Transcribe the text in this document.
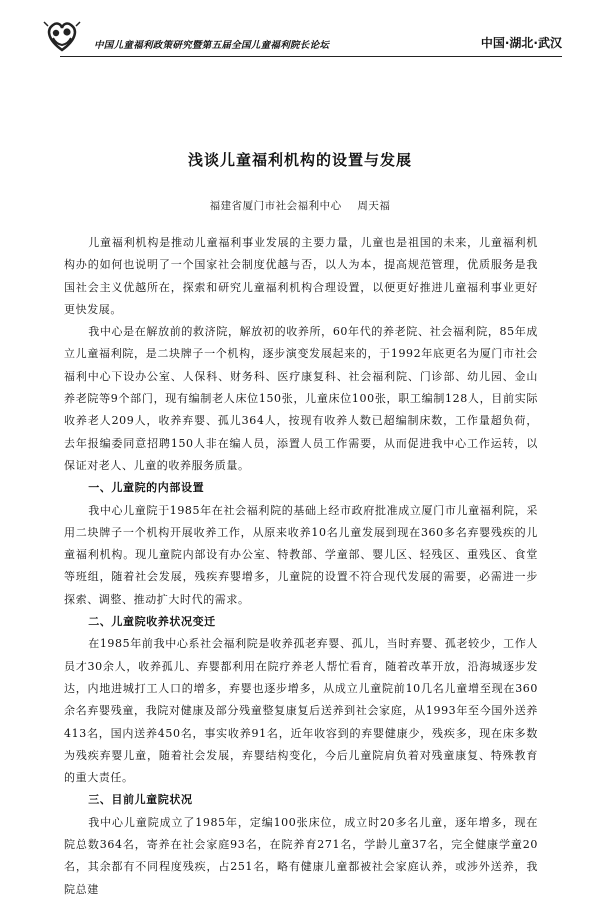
中国儿童福利政策研究暨第五届全国儿童福利院长论坛	中国·湖北·武汉
浅谈儿童福利机构的设置与发展
福建省厦门市社会福利中心 周天福

儿童福利机构是推动儿童福利事业发展的主要力量，儿童也是祖国的未来，儿童福利机构办的如何也说明了一个国家社会制度优越与否，以人为本，提高规范管理，优质服务是我国社会主义优越所在，探索和研究儿童福利机构合理设置，以便更好推进儿童福利事业更好更快发展。

我中心是在解放前的救济院，解放初的收养所，60年代的养老院、社会福利院，85年成立儿童福利院，是二块牌子一个机构，逐步演变发展起来的，于1992年底更名为厦门市社会福利中心下设办公室、人保科、财务科、医疗康复科、社会福利院、门诊部、幼儿园、金山养老院等9个部门，现有编制老人床位150张，儿童床位100张，职工编制128人，目前实际收养老人209人，收养弃婴、孤儿364人，按现有收养人数已超编制床数，工作量超负荷，去年报编委同意招聘150人非在编人员，添置人员工作需要，从而促进我中心工作运转，以保证对老人、儿童的收养服务质量。

一、儿童院的内部设置

我中心儿童院于1985年在社会福利院的基础上经市政府批准成立厦门市儿童福利院，采用二块牌子一个机构开展收养工作，从原来收养10名儿童发展到现在360多名弃婴残疾的儿童福利机构。现儿童院内部设有办公室、特教部、学童部、婴儿区、轻残区、重残区、食堂等班组，随着社会发展，残疾弃婴增多，儿童院的设置不符合现代发展的需要，必需进一步探索、调整、推动扩大时代的需求。

二、儿童院收养状况变迁

在1985年前我中心系社会福利院是收养孤老弃婴、孤儿，当时弃婴、孤老较少，工作人员才30余人，收养孤儿、弃婴都利用在院疗养老人帮忙看育，随着改革开放，沿海城逐步发达，内地进城打工人口的增多，弃婴也逐步增多，从成立儿童院前10几名儿童增至现在360余名弃婴残童，我院对健康及部分残童整复康复后送养到社会家庭，从1993年至今国外送养413名，国内送养450名，事实收养91名，近年收容到的弃婴健康少，残疾多，现在床多数为残疾弃婴儿童，随着社会发展，弃婴结构变化，今后儿童院肩负着对残童康复、特殊教育的重大责任。

三、目前儿童院状况

我中心儿童院成立了1985年，定编100张床位，成立时20多名儿童，逐年增多，现在院总数364名，寄养在社会家庭93名，在院养育271名，学龄儿童37名，完全健康学童20名，其余都有不同程度残疾，占251名，略有健康儿童都被社会家庭认养，或涉外送养，我院总建
